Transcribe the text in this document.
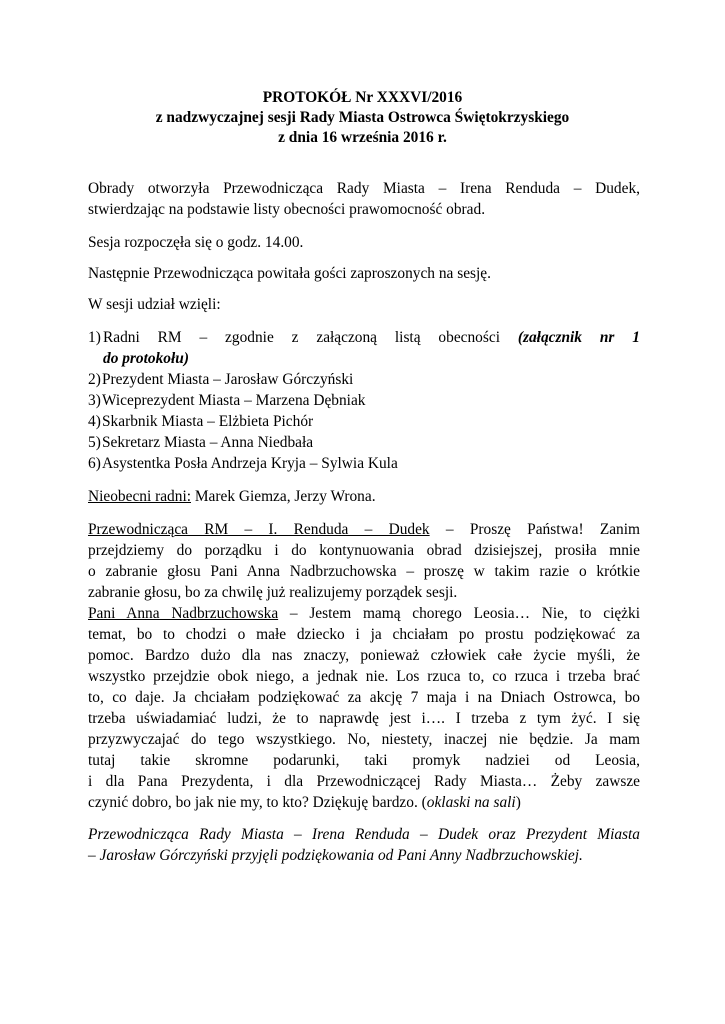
PROTOKÓŁ Nr XXXVI/2016
z nadzwyczajnej sesji Rady Miasta Ostrowca Świętokrzyskiego
z dnia 16 września 2016 r.
Obrady otworzyła Przewodnicząca Rady Miasta – Irena Renduda – Dudek,
stwierdzając na podstawie listy obecności prawomocność obrad.
Sesja rozpoczęła się o godz. 14.00.
Następnie Przewodnicząca powitała gości zaproszonych na sesję.
W sesji udział wzięli:
1) Radni RM – zgodnie z załączoną listą obecności (załącznik nr 1
do protokołu)
2)Prezydent Miasta – Jarosław Górczyński
3)Wiceprezydent Miasta – Marzena Dębniak
4)Skarbnik Miasta – Elżbieta Pichór
5)Sekretarz Miasta – Anna Niedbała
6)Asystentka Posła Andrzeja Kryja – Sylwia Kula
Nieobecni radni: Marek Giemza, Jerzy Wrona.
Przewodnicząca RM – I. Renduda – Dudek – Proszę Państwa! Zanim
przejdziemy do porządku i do kontynuowania obrad dzisiejszej, prosiła mnie
o zabranie głosu Pani Anna Nadbrzuchowska – proszę w takim razie o krótkie
zabranie głosu, bo za chwilę już realizujemy porządek sesji.
Pani Anna Nadbrzuchowska – Jestem mamą chorego Leosia… Nie, to ciężki
temat, bo to chodzi o małe dziecko i ja chciałam po prostu podziękować za
pomoc. Bardzo dużo dla nas znaczy, ponieważ człowiek całe życie myśli, że
wszystko przejdzie obok niego, a jednak nie. Los rzuca to, co rzuca i trzeba brać
to, co daje. Ja chciałam podziękować za akcję 7 maja i na Dniach Ostrowca, bo
trzeba uświadamiać ludzi, że to naprawdę jest i…. I trzeba z tym żyć. I się
przyzwyczajać do tego wszystkiego. No, niestety, inaczej nie będzie. Ja mam
tutaj takie skromne podarunki, taki promyk nadziei od Leosia,
i dla Pana Prezydenta, i dla Przewodniczącej Rady Miasta… Żeby zawsze
czynić dobro, bo jak nie my, to kto? Dziękuję bardzo. (oklaski na sali)
Przewodnicząca Rady Miasta – Irena Renduda – Dudek oraz Prezydent Miasta
– Jarosław Górczyński przyjęli podziękowania od Pani Anny Nadbrzuchowskiej.
